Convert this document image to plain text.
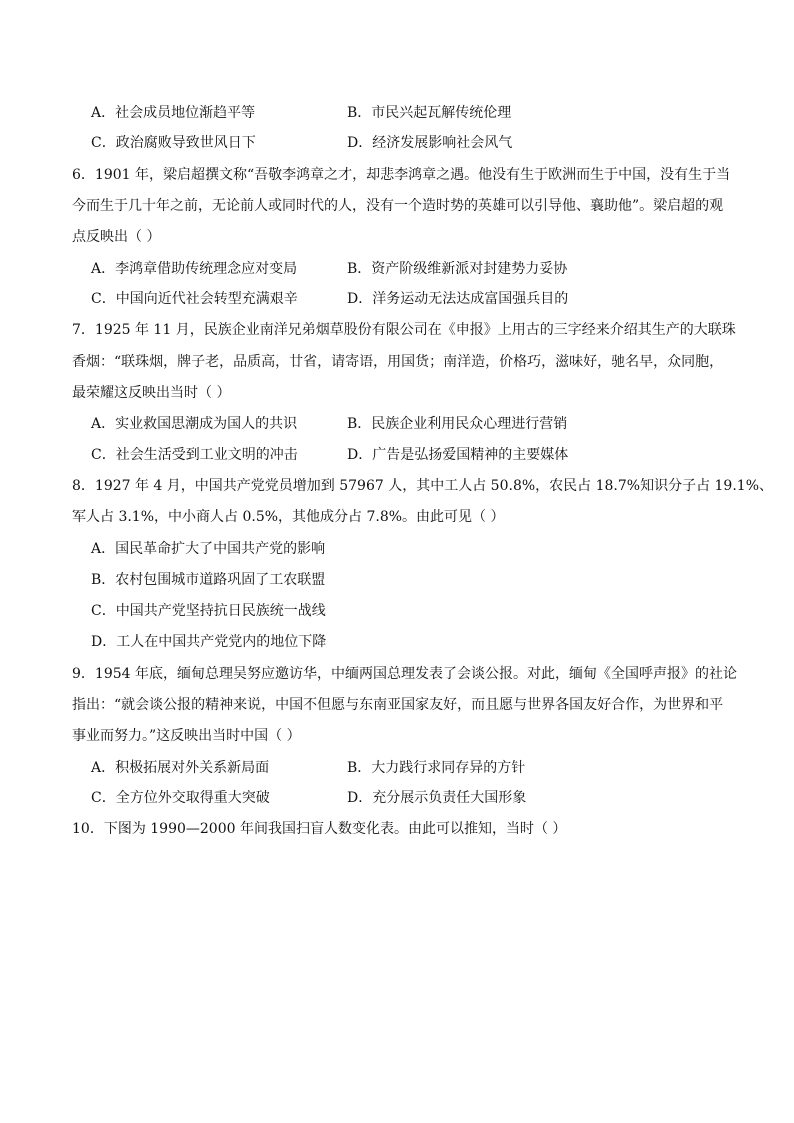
A．社会成员地位渐趋平等	B．市民兴起瓦解传统伦理
C．政治腐败导致世风日下	D．经济发展影响社会风气
6．1901 年，梁启超撰文称“吾敬李鸿章之才，却悲李鸿章之遇。他没有生于欧洲而生于中国，没有生于当
今而生于几十年之前，无论前人或同时代的人，没有一个造时势的英雄可以引导他、襄助他”。梁启超的观
点反映出（ ）
A．李鸿章借助传统理念应对变局	B．资产阶级维新派对封建势力妥协
C．中国向近代社会转型充满艰辛	D．洋务运动无法达成富国强兵目的
7．1925 年 11 月，民族企业南洋兄弟烟草股份有限公司在《申报》上用古的三字经来介绍其生产的大联珠
香烟：“联珠烟，牌子老，品质高，廿省，请寄语，用国货；南洋造，价格巧，滋味好，驰名早，众同胞，
最荣耀这反映出当时（ ）
A．实业救国思潮成为国人的共识	B．民族企业利用民众心理进行营销
C．社会生活受到工业文明的冲击	D．广告是弘扬爱国精神的主要媒体
8．1927 年 4 月，中国共产党党员增加到 57967 人，其中工人占 50.8%，农民占 18.7%知识分子占 19.1%、
军人占 3.1%，中小商人占 0.5%，其他成分占 7.8%。由此可见（ ）
A．国民革命扩大了中国共产党的影响
B．农村包围城市道路巩固了工农联盟
C．中国共产党坚持抗日民族统一战线
D．工人在中国共产党党内的地位下降
9．1954 年底，缅甸总理吴努应邀访华，中缅两国总理发表了会谈公报。对此，缅甸《全国呼声报》的社论
指出：“就会谈公报的精神来说，中国不但愿与东南亚国家友好，而且愿与世界各国友好合作，为世界和平
事业而努力。”这反映出当时中国（ ）
A．积极拓展对外关系新局面	B．大力践行求同存异的方针
C．全方位外交取得重大突破	D．充分展示负责任大国形象
10．下图为 1990—2000 年间我国扫盲人数变化表。由此可以推知，当时（ ）
